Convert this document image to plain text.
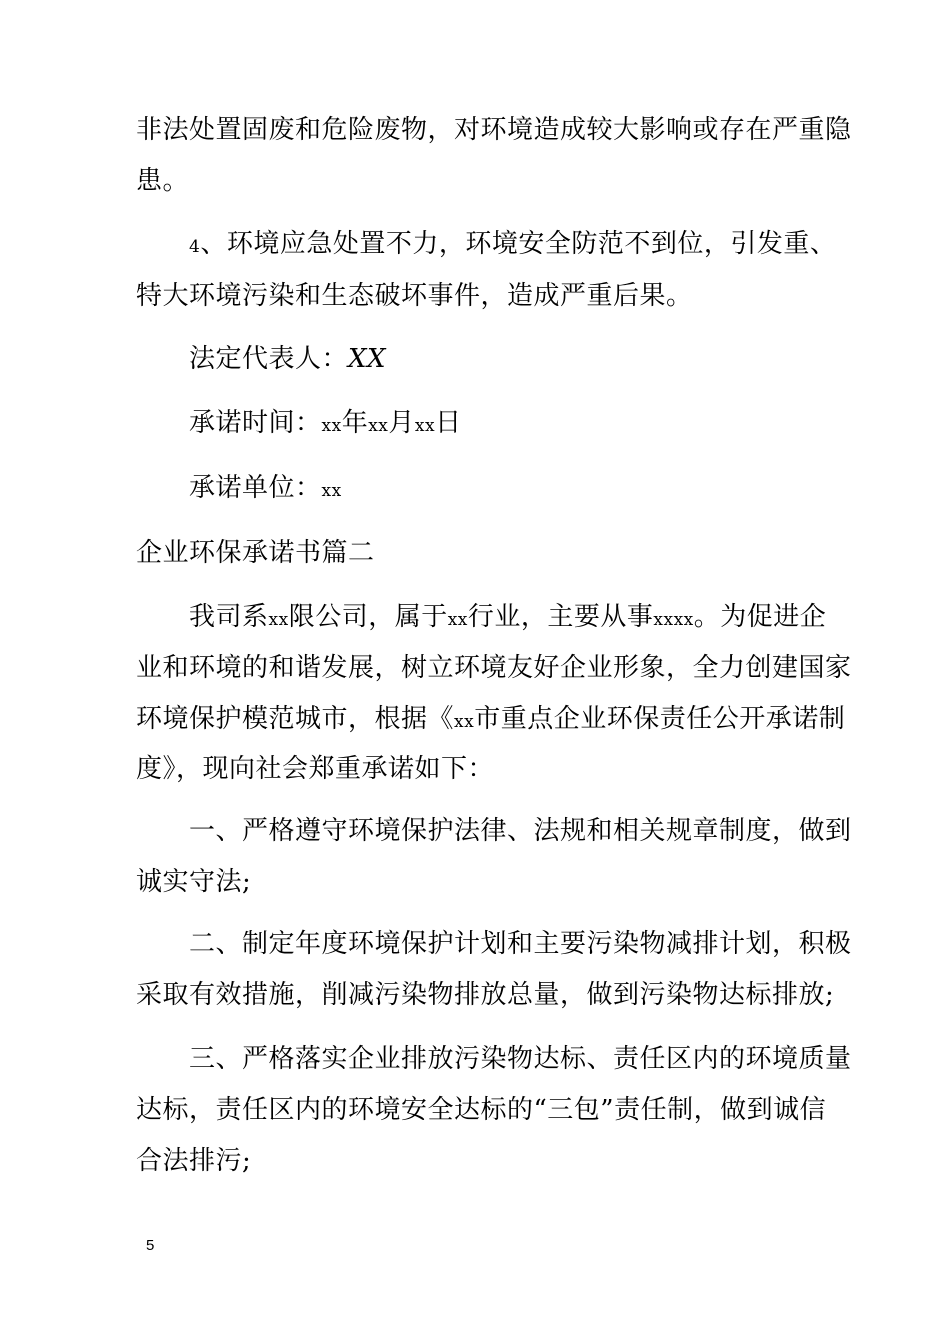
非法处置固废和危险废物，对环境造成较大影响或存在严重隐
患。
4、环境应急处置不力，环境安全防范不到位，引发重、
特大环境污染和生态破坏事件，造成严重后果。
法定代表人：XX
承诺时间：xx年xx月xx日
承诺单位：xx
企业环保承诺书篇二
我司系xx限公司，属于xx行业，主要从事xxxx。为促进企
业和环境的和谐发展，树立环境友好企业形象，全力创建国家
环境保护模范城市，根据《xx市重点企业环保责任公开承诺制
度》，现向社会郑重承诺如下：
一、严格遵守环境保护法律、法规和相关规章制度，做到
诚实守法;
二、制定年度环境保护计划和主要污染物减排计划，积极
采取有效措施，削减污染物排放总量，做到污染物达标排放;
三、严格落实企业排放污染物达标、责任区内的环境质量
达标，责任区内的环境安全达标的“三包”责任制，做到诚信
合法排污;
5
